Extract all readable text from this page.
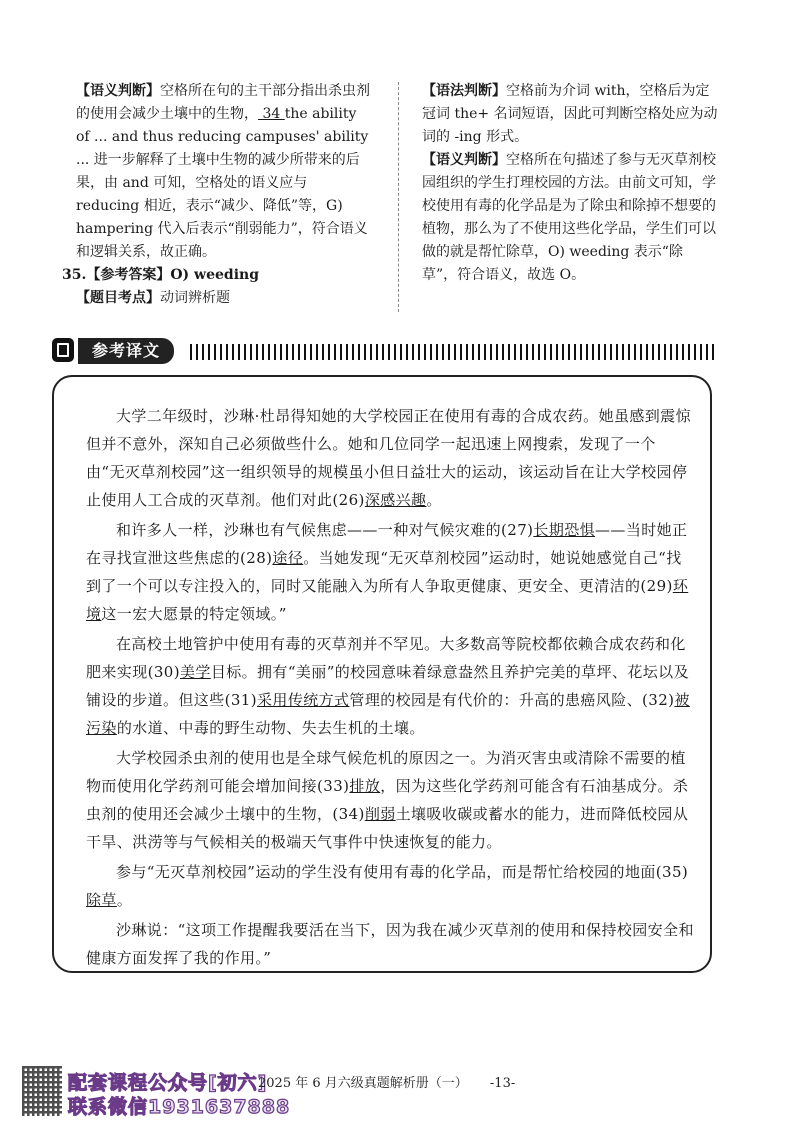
【语义判断】空格所在句的主干部分指出杀虫剂的使用会减少土壤中的生物， 34 the ability of ... and thus reducing campuses' ability ... 进一步解释了土壤中生物的减少所带来的后果，由 and 可知，空格处的语义应与 reducing 相近，表示“减少、降低”等，G) hampering 代入后表示“削弱能力”，符合语义和逻辑关系，故正确。
35.【参考答案】O) weeding
【题目考点】动词辨析题
【语法判断】空格前为介词 with，空格后为定冠词 the+ 名词短语，因此可判断空格处应为动词的 -ing 形式。
【语义判断】空格所在句描述了参与无灭草剂校园组织的学生打理校园的方法。由前文可知，学校使用有毒的化学品是为了除虫和除掉不想要的植物，那么为了不使用这些化学品，学生们可以做的就是帮忙除草，O) weeding 表示“除草”，符合语义，故选 O。
参考译文

大学二年级时，沙琳·杜昂得知她的大学校园正在使用有毒的合成农药。她虽感到震惊但并不意外，深知自己必须做些什么。她和几位同学一起迅速上网搜索，发现了一个由“无灭草剂校园”这一组织领导的规模虽小但日益壮大的运动，该运动旨在让大学校园停止使用人工合成的灭草剂。他们对此(26)深感兴趣。

和许多人一样，沙琳也有气候焦虑——一种对气候灾难的(27)长期恐惧——当时她正在寻找宣泄这些焦虑的(28)途径。当她发现“无灭草剂校园”运动时，她说她感觉自己“找到了一个可以专注投入的，同时又能融入为所有人争取更健康、更安全、更清洁的(29)环境这一宏大愿景的特定领域。”

在高校土地管护中使用有毒的灭草剂并不罕见。大多数高等院校都依赖合成农药和化肥来实现(30)美学目标。拥有“美丽”的校园意味着绿意盎然且养护完美的草坪、花坛以及铺设的步道。但这些(31)采用传统方式管理的校园是有代价的：升高的患癌风险、(32)被污染的水道、中毒的野生动物、失去生机的土壤。

大学校园杀虫剂的使用也是全球气候危机的原因之一。为消灭害虫或清除不需要的植物而使用化学药剂可能会增加间接(33)排放，因为这些化学药剂可能含有石油基成分。杀虫剂的使用还会减少土壤中的生物，(34)削弱土壤吸收碳或蓄水的能力，进而降低校园从干旱、洪涝等与气候相关的极端天气事件中快速恢复的能力。

参与“无灭草剂校园”运动的学生没有使用有毒的化学品，而是帮忙给校园的地面(35)除草。

沙琳说：“这项工作提醒我要活在当下，因为我在减少灭草剂的使用和保持校园安全和健康方面发挥了我的作用。”

配套课程公众号[初六]
联系微信1931637888
2025 年 6 月六级真题解析册（一） -13-
